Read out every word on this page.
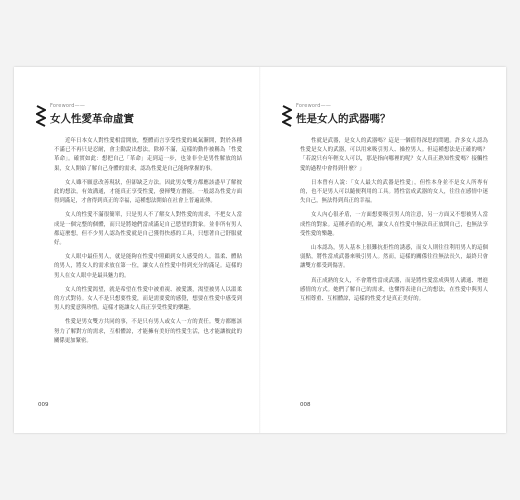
Foreword——
女人性愛革命虛實

近年日本女人對性愛相當開放，整體而言享受性愛的風氣漸開，對於各種不滿已不再只是忍耐，會主動說出想法，除掉不滿，這樣的動作被稱為「性愛革命」。確實如此：想把自己「革命」走到這一步，也並非全是男性解放的結果，女人開始了解自己身體的需求，認為性愛是自己能夠掌握的事。

女人雖不願意改善現狀，但卻缺乏方法。因此男女雙方都應該盡早了解彼此的想法，有效溝通，才能真正享受性愛，發揮雙方潛能。一般認為性愛方面得到滿足，才會得到真正的幸福，這種想法開始在社會上普遍流傳。

女人的性愛不滿很簡單，只是男人不了解女人對性愛的需求，不把女人當成是一個完整的個體，而只是將她們當成滿足自己慾望的對象。並非所有男人都這麼想，但不少男人認為性愛就是自己獲得快感的工具，只想著自己舒服就好。

女人眼中最佳男人，就是能夠在性愛中照顧到女人感受的人。溫柔、體貼的男人，將女人的需求放在第一位，讓女人在性愛中得到充分的滿足。這樣的男人在女人眼中是最具魅力的。

女人的性愛渴望，就是希望在性愛中被重視、被愛護，渴望被男人以溫柔的方式對待。女人不是只想要性愛，而是需要愛的感覺，想要在性愛中感受到男人的愛意與珍惜。這樣才能讓女人真正享受性愛的樂趣。

性愛是男女雙方共同的事，不是只有男人或女人一方的責任。雙方都應該努力了解對方的需求，互相體諒，才能擁有美好的性愛生活，也才能讓彼此的關係更加緊密。

009
Foreword——
性是女人的武器嗎？

性就是武器，是女人的武器嗎？這是一個值得深思的問題。許多女人認為性愛是女人的武器，可以用來吸引男人、操控男人。但這種想法是正確的嗎？「若說只有年輕女人可以，那是指向哪裡的呢？女人真正熟知性愛嗎？接觸性愛的過程中會得到什麼？」

日本曾有人說：「女人最大的武器是性愛」，但性本身並不是女人所專有的，也不是男人可以隨便利用的工具。將性當成武器的女人，往往在感情中迷失自己，無法得到真正的幸福。

女人內心很矛盾，一方面想要吸引男人的注意，另一方面又不想被男人當成性的對象。這種矛盾的心理，讓女人在性愛中無法真正放開自己，也無法享受性愛的樂趣。

山本認為，男人基本上很難抗拒性的誘惑，而女人則往往利用男人的這個弱點，將性當成武器來吸引男人。然而，這樣的關係往往無法長久，最終只會讓雙方都受到傷害。

真正成熟的女人，不會將性當成武器，而是將性愛當成與男人溝通、增進感情的方式。她們了解自己的需求，也懂得表達自己的想法，在性愛中與男人互相尊重、互相體諒，這樣的性愛才是真正美好的。

008
